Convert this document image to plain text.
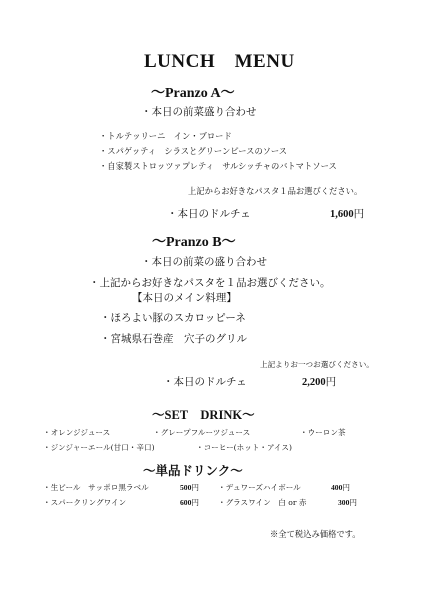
LUNCH　MENU
～Pranzo A～
・本日の前菜盛り合わせ
・トルテッリーニ　イン・ブロード
・スパゲッティ　シラスとグリーンピースのソース
・自家製ストロッツァプレティ　サルシッチャのバトマトソース
上記からお好きなパスタ１品お選びください。
・本日のドルチェ	1,600円
～Pranzo B～
・本日の前菜の盛り合わせ
・上記からお好きなパスタを１品お選びください。
【本日のメイン料理】
・ほろよい豚のスカロッピーネ
・宮城県石巻産　穴子のグリル
上記よりお一つお選びください。
・本日のドルチェ	2,200円
～SET　DRINK～
・オレンジジュース	・グレープフルーツジュース	・ウーロン茶
・ジンジャーエール(甘口・辛口)	・コーヒー(ホット・アイス)
～単品ドリンク～
・生ビール　サッポロ黒ラベル	500円	・デュワーズハイボール	400円
・スパークリングワイン	600円	・グラスワイン　白 or 赤	300円
※全て税込み価格です。
